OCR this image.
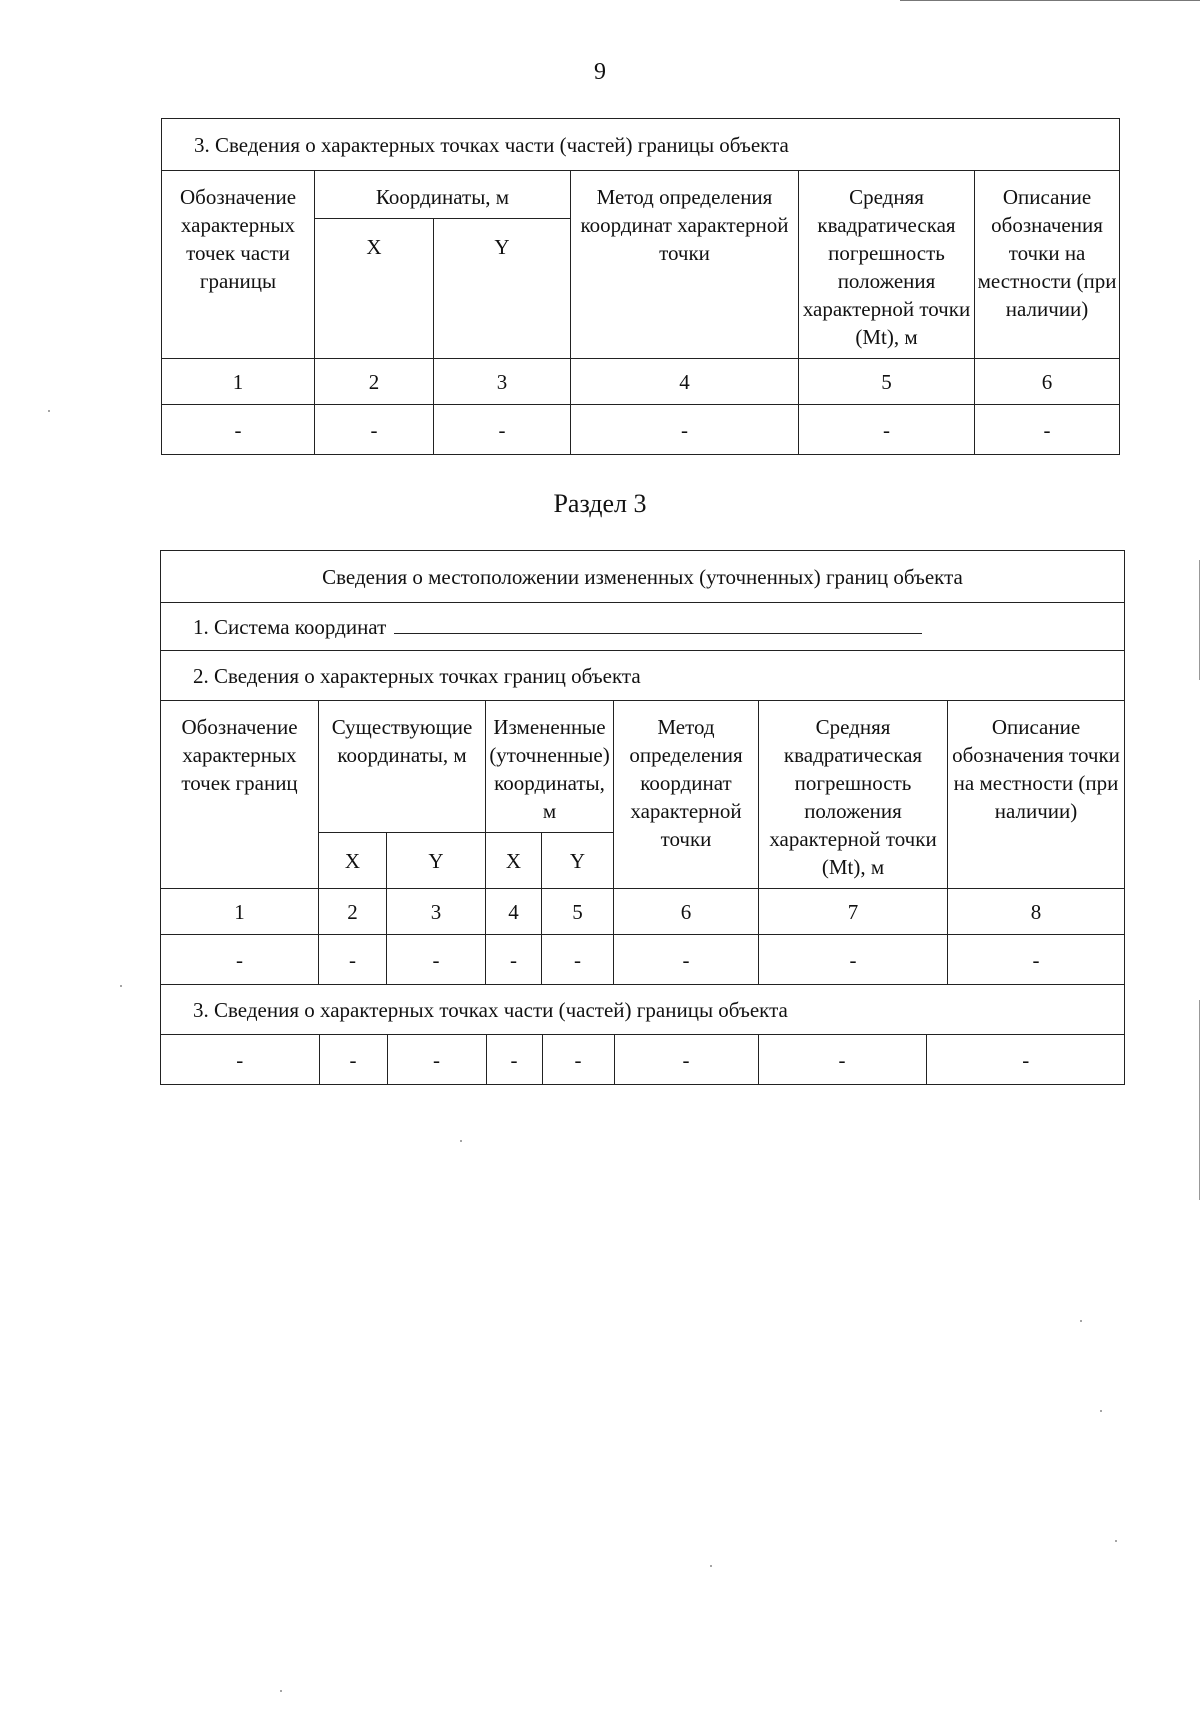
9
3. Сведения о характерных точках части (частей) границы объекта					
Обозначение характерных точек части границы	Координаты, м		Метод определения координат характерной точки	Средняя квадратическая погрешность положения характерной точки (Mt), м	Описание обозначения точки на местности (при наличии)
	X	Y			
1	2	3	4	5	6
-	-	-	-	-	-
Раздел 3
Сведения о местоположении измененных (уточненных) границ объекта
1. Система координат
2. Сведения о характерных точках границ объекта
Обозначение характерных точек границ	Существующие координаты, м	Измененные (уточненные) координаты, м	Метод определения координат характерной точки	Средняя квадратическая погрешность положения характерной точки (Mt), м	Описание обозначения точки на местности (при наличии)
X	Y	X	Y
1	2	3	4	5	6	7	8
-	-	-	-	-	-	-	-
3. Сведения о характерных точках части (частей) границы объекта

-	-	-	-	-	-	-	-
